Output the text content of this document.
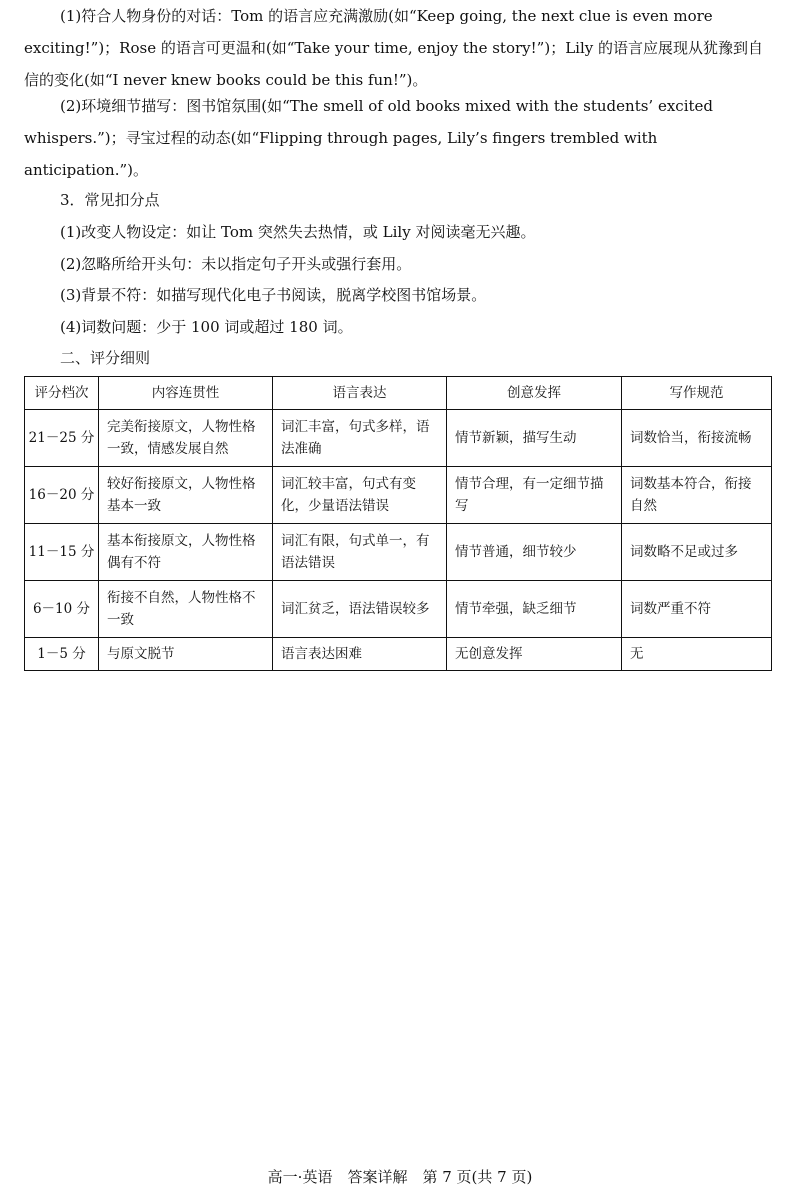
(1)符合人物身份的对话：Tom 的语言应充满激励(如“Keep going, the next clue is even more exciting!”)；Rose 的语言可更温和(如“Take your time, enjoy the story!”)；Lily 的语言应展现从犹豫到自信的变化(如“I never knew books could be this fun!”)。

(2)环境细节描写：图书馆氛围(如“The smell of old books mixed with the students’ excited whispers.”)；寻宝过程的动态(如“Flipping through pages, Lily’s fingers trembled with anticipation.”)。

3．常见扣分点

(1)改变人物设定：如让 Tom 突然失去热情，或 Lily 对阅读毫无兴趣。

(2)忽略所给开头句：未以指定句子开头或强行套用。

(3)背景不符：如描写现代化电子书阅读，脱离学校图书馆场景。

(4)词数问题：少于 100 词或超过 180 词。

二、评分细则

评分档次	内容连贯性	语言表达	创意发挥	写作规范
21－25 分	完美衔接原文，人物性格一致，情感发展自然	词汇丰富，句式多样，语法准确	情节新颖，描写生动	词数恰当，衔接流畅
16－20 分	较好衔接原文，人物性格基本一致	词汇较丰富，句式有变化，少量语法错误	情节合理，有一定细节描写	词数基本符合，衔接自然
11－15 分	基本衔接原文，人物性格偶有不符	词汇有限，句式单一，有语法错误	情节普通，细节较少	词数略不足或过多
6－10 分	衔接不自然，人物性格不一致	词汇贫乏，语法错误较多	情节牵强，缺乏细节	词数严重不符
1－5 分	与原文脱节	语言表达困难	无创意发挥	无
高一·英语　答案详解　第 7 页(共 7 页)
